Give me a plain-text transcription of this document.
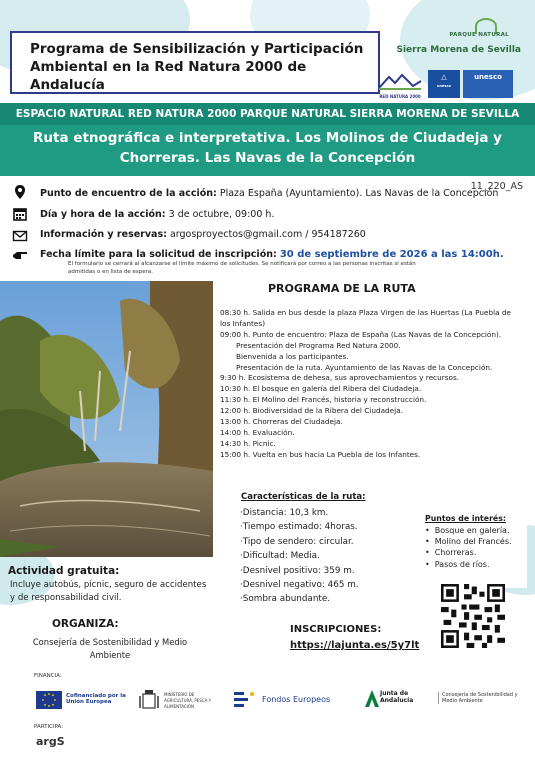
Programa de Sensibilización y Participación
Ambiental en la Red Natura 2000 de Andalucía
PARQUE NATURAL
Sierra Morena de Sevilla
RED NATURA 2000
△
unesco
unesco
ESPACIO NATURAL RED NATURA 2000 PARQUE NATURAL SIERRA MORENA DE SEVILLA
Ruta etnográfica e interpretativa. Los Molinos de Ciudadeja y
Chorreras. Las Navas de la Concepción
11_220_AS
Punto de encuentro de la acción: Plaza España (Ayuntamiento). Las Navas de la Concepción
Día y hora de la acción: 3 de octubre, 09:00 h.
Información y reservas: argosproyectos@gmail.com / 954187260
Fecha límite para la solicitud de inscripción: 30 de septiembre de 2026 a las 14:00h.
El formulario se cerrará al alcanzarse el límite máximo de solicitudes. Se notificará por correo a las personas inscritas si están
admitidas o en lista de espera.
PROGRAMA DE LA RUTA
08:30 h. Salida en bus desde la plaza Plaza Virgen de las Huertas (La Puebla de
los Infantes)
09:00 h. Punto de encuentro: Plaza de España (Las Navas de la Concepción).
Presentación del Programa Red Natura 2000.
Bienvenida a los participantes.
Presentación de la ruta. Ayuntamiento de las Navas de la Concepción.
9:30 h. Ecosistema de dehesa, sus aprovechamientos y recursos.
10:30 h. El bosque en galería del Ribera del Ciudadeja.
11:30 h. El Molino del Francés, historia y reconstrucción.
12:00 h. Biodiversidad de la Ribera del Ciudadeja.
13:00 h. Chorreras del Ciudadeja.
14:00 h. Evaluación.
14:30 h. Picnic.
15:00 h. Vuelta en bus hacia La Puebla de los Infantes.
Características de la ruta:
·Distancia: 10,3 km.
·Tiempo estimado: 4horas.
·Tipo de sendero: circular.
·Dificultad: Media.
·Desnivel positivo: 359 m.
·Desnivel negativo: 465 m.
·Sombra abundante.
Puntos de interés:
• Bosque en galería.
• Molino del Francés.
• Chorreras.
• Pasos de ríos.
Actividad gratuita:
Incluye autobús, pícnic, seguro de accidentes y de responsabilidad civil.
ORGANIZA:
Consejería de Sostenibilidad y Medio Ambiente
INSCRIPCIONES:
https://lajunta.es/5y7lt
FINANCIA:
Cofinanciado por la Unión Europea
MINISTERIO DE AGRICULTURA, PESCA Y ALIMENTACIÓN
Fondos Europeos
Junta de Andalucía
Consejería de Sostenibilidad y Medio Ambiente
PARTICIPA:
argS
